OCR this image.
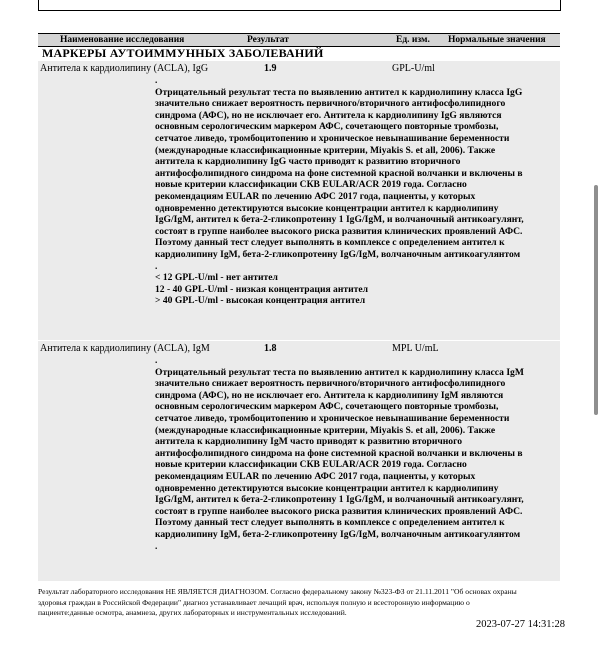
Наименование исследования	Результат	Ед. изм. Нормальные значения
МАРКЕРЫ АУТОИММУННЫХ ЗАБОЛЕВАНИЙ
Антитела к кардиолипину (ACLA), IgG	1.9	GPL-U/ml

.

Отрицательный результат теста по выявлению антител к кардиолипину класса IgG

значительно снижает вероятность первичного/вторичного антифосфолипидного

синдрома (АФС), но не исключает его. Антитела к кардиолипину IgG являются

основным серологическим маркером АФС, сочетающего повторные тромбозы,

сетчатое ливедо, тромбоцитопению и хроническое невынашивание беременности

(международные классификационные критерии, Miyakis S. et all, 2006). Также

антитела к кардиолипину IgG часто приводят к развитию вторичного

антифосфолипидного синдрома на фоне системной красной волчанки и включены в

новые критерии классификации СКВ EULAR/ACR 2019 года. Согласно

рекомендациям EULAR по лечению АФС 2017 года, пациенты, у которых

одновременно детектируются высокие концентрации антител к кардиолипину

IgG/IgM, антител к бета-2-гликопротеину 1 IgG/IgM, и волчаночный антикоагулянт,

состоят в группе наиболее высокого риска развития клинических проявлений АФС.

Поэтому данный тест следует выполнять в комплексе с определением антител к

кардиолипину IgM, бета-2-гликопротеину IgG/IgM, волчаночным антикоагулянтом

.

< 12 GPL-U/ml - нет антител

12 - 40 GPL-U/ml - низкая концентрация антител

> 40 GPL-U/ml - высокая концентрация антител

Антитела к кардиолипину (ACLA), IgM	1.8	MPL U/mL

.

Отрицательный результат теста по выявлению антител к кардиолипину класса IgM

значительно снижает вероятность первичного/вторичного антифосфолипидного

синдрома (АФС), но не исключает его. Антитела к кардиолипину IgM являются

основным серологическим маркером АФС, сочетающего повторные тромбозы,

сетчатое ливедо, тромбоцитопению и хроническое невынашивание беременности

(международные классификационные критерии, Miyakis S. et all, 2006). Также

антитела к кардиолипину IgM часто приводят к развитию вторичного

антифосфолипидного синдрома на фоне системной красной волчанки и включены в

новые критерии классификации СКВ EULAR/ACR 2019 года. Согласно

рекомендациям EULAR по лечению АФС 2017 года, пациенты, у которых

одновременно детектируются высокие концентрации антител к кардиолипину

IgG/IgM, антител к бета-2-гликопротеину 1 IgG/IgM, и волчаночный антикоагулянт,

состоят в группе наиболее высокого риска развития клинических проявлений АФС.

Поэтому данный тест следует выполнять в комплексе с определением антител к

кардиолипину IgM, бета-2-гликопротеину IgG/IgM, волчаночным антикоагулянтом

.

Результат лабораторного исследования НЕ ЯВЛЯЕТСЯ ДИАГНОЗОМ. Согласно федеральному закону №323-ФЗ от 21.11.2011 "Об основах охраны

здоровья граждан в Российской Федерации" диагноз устанавливает лечащий врач, используя полную и всесторонную информацию о

пациенте:данные осмотра, анамнеза, других лабораторных и инструментальных исследований.

2023-07-27 14:31:28
